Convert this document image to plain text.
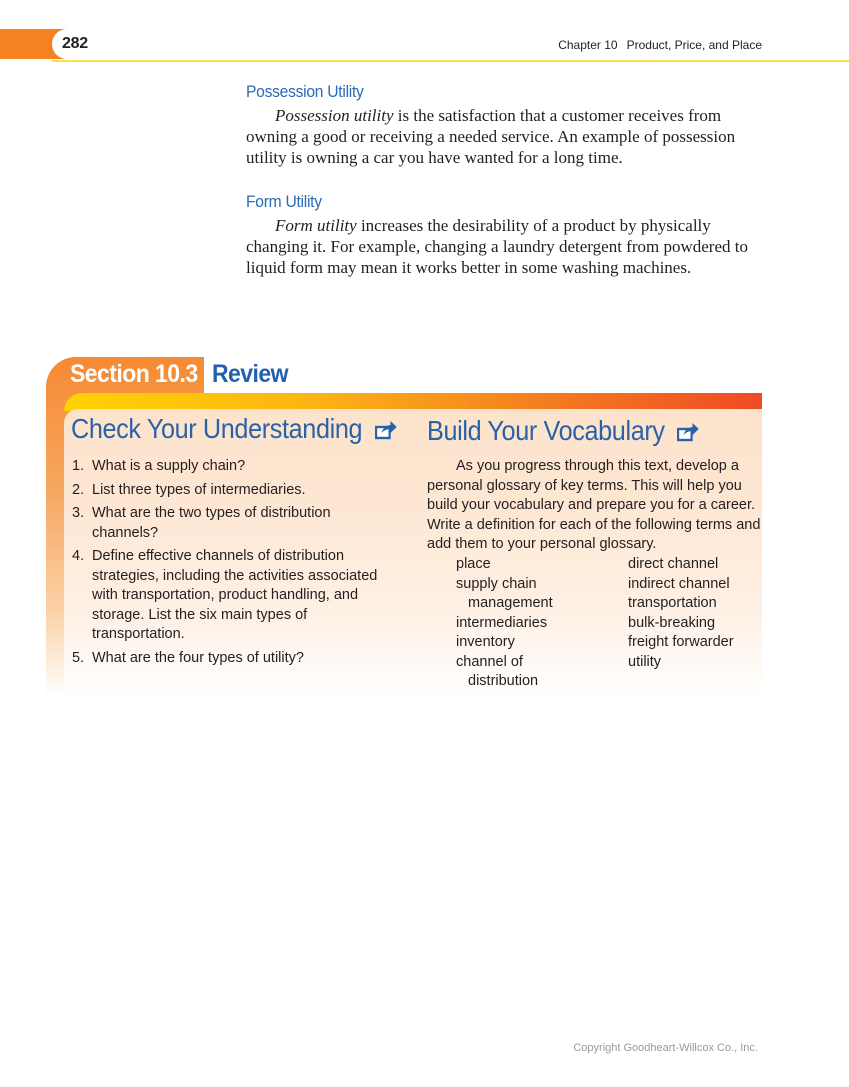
282	Chapter 10 Product, Price, and Place
Possession Utility

Possession utility is the satisfaction that a customer receives from owning a good or receiving a needed service. An example of possession utility is owning a car you have wanted for a long time.

Form Utility

Form utility increases the desirability of a product by physically changing it. For example, changing a laundry detergent from powdered to liquid form may mean it works better in some washing machines.

Section 10.3 Review
Check Your Understanding
1. What is a supply chain?
2. List three types of intermediaries.
3. What are the two types of distribution channels?
4. Define effective channels of distribution strategies, including the activities associated with transportation, product handling, and storage. List the six main types of transportation.
5. What are the four types of utility?
Build Your Vocabulary

As you progress through this text, develop a personal glossary of key terms. This will help you build your vocabulary and prepare you for a career. Write a definition for each of the following terms and add them to your personal glossary.

place
supply chain
management
intermediaries
inventory
channel of
distribution
direct channel
indirect channel
transportation
bulk-breaking
freight forwarder
utility
Copyright Goodheart-Willcox Co., Inc.
